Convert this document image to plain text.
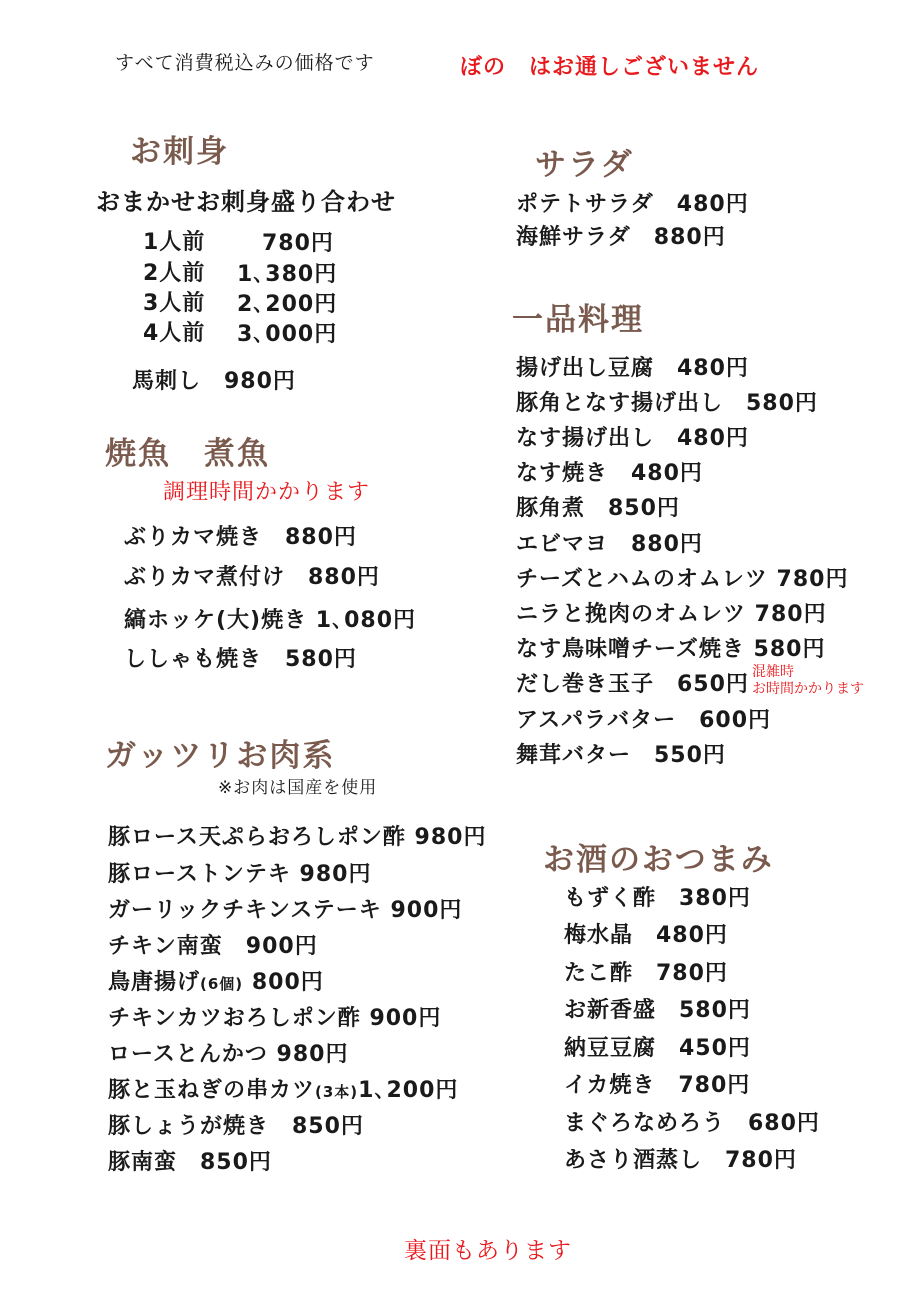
すべて消費税込みの価格です	ぼの　はお通しございません
お刺身
おまかせお刺身盛り合わせ
1人前	780円
2人前 1､380円
3人前 2､200円
4人前 3､000円
馬刺し　980円
焼魚　煮魚
調理時間かかります
ぶりカマ焼き　880円
ぶりカマ煮付け　880円
縞ホッケ(大)焼き 1､080円
ししゃも焼き　580円
ガッツリお肉系
※お肉は国産を使用
豚ロース天ぷらおろしポン酢 980円
豚ローストンテキ 980円
ガーリックチキンステーキ 900円
チキン南蛮　900円
鳥唐揚げ(6個) 800円
チキンカツおろしポン酢 900円
ロースとんかつ 980円
豚と玉ねぎの串カツ(3本)1､200円
豚しょうが焼き　850円
豚南蛮　850円
サラダ
ポテトサラダ　480円
海鮮サラダ　880円
一品料理
揚げ出し豆腐　480円
豚角となす揚げ出し　580円
なす揚げ出し　480円
なす焼き　480円
豚角煮　850円
エビマヨ　880円
チーズとハムのオムレツ 780円
ニラと挽肉のオムレツ 780円
なす鳥味噌チーズ焼き 580円
だし巻き玉子　650円 混雑時
お時間かかります
アスパラバター　600円
舞茸バター　550円
お酒のおつまみ
もずく酢　380円
梅水晶　480円
たこ酢　780円
お新香盛　580円
納豆豆腐　450円
イカ焼き　780円
まぐろなめろう　680円
あさり酒蒸し　780円
裏面もあります
